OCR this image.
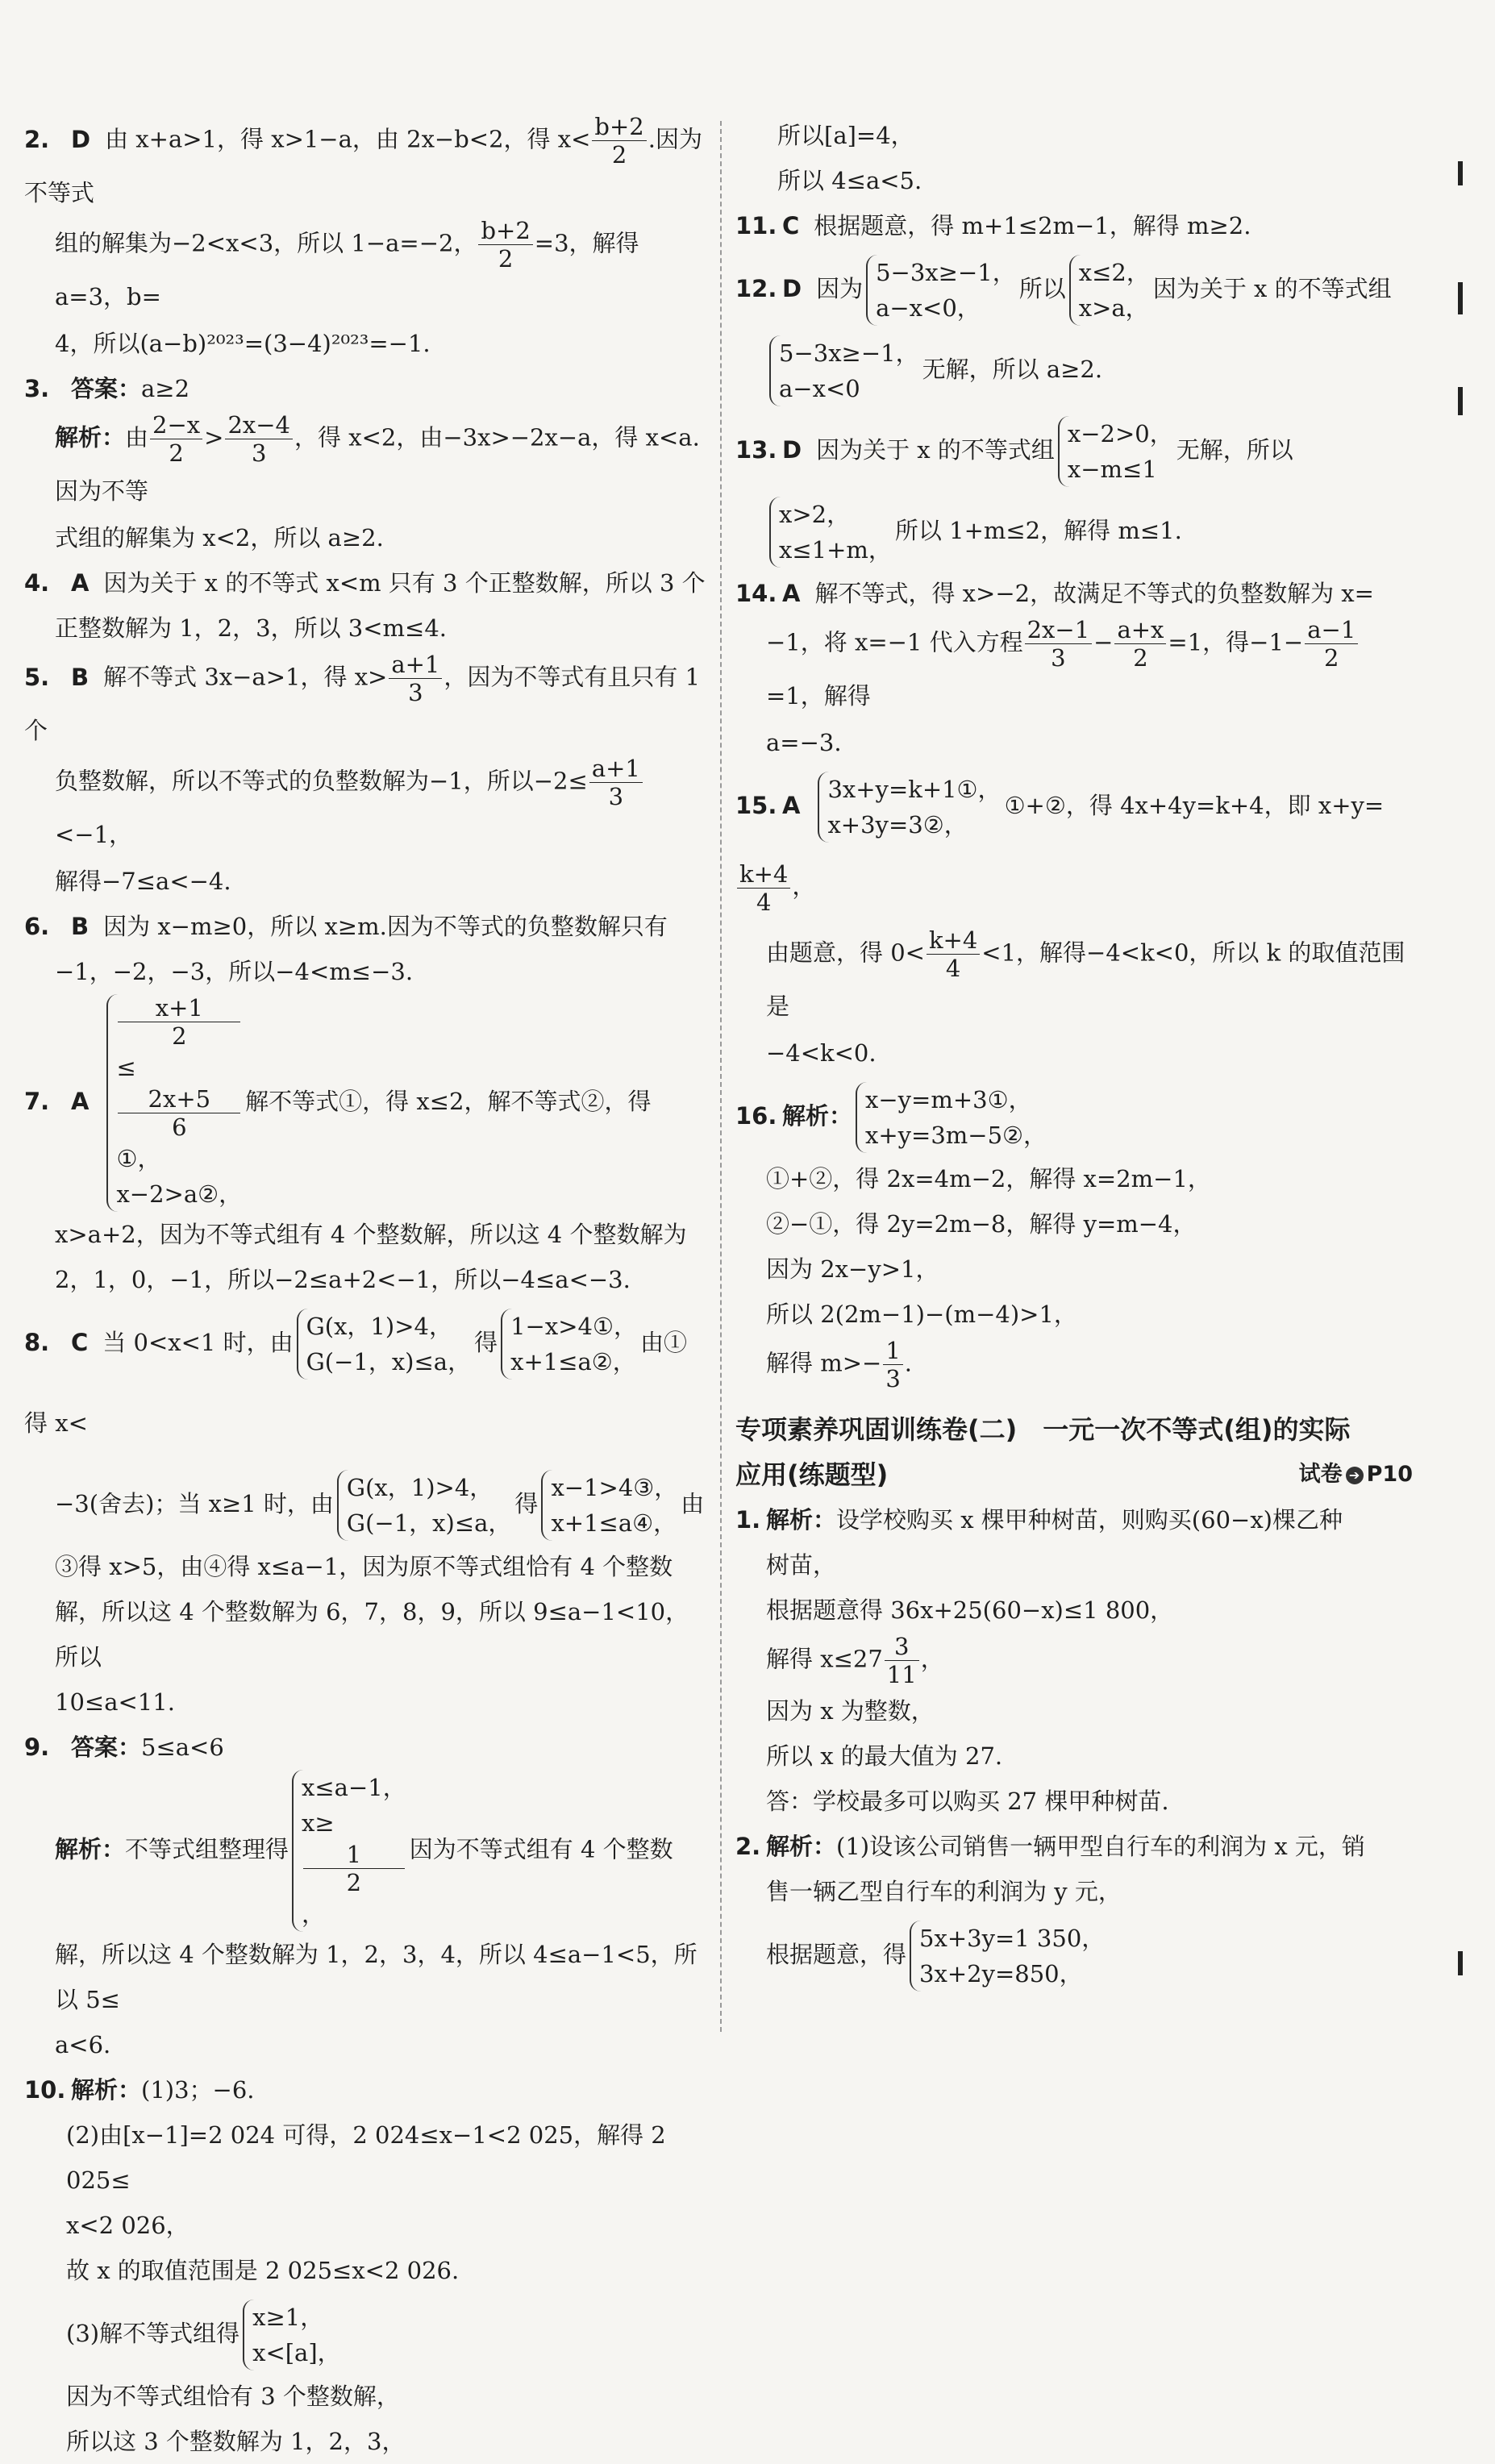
2. D 由 x+a>1，得 x>1−a，由 2x−b<2，得 $x< \frac{b+2}{2}$ .因为不等式
组的解集为−2<x<3，所以 1−a=−2， $\frac{b+2}{2} =3$，解得 a=3，b=
4，所以(a−b)²⁰²³=(3−4)²⁰²³=−1.
3. 答案：a≥2
解析：由 $\frac{2-x}{2} > \frac{2x-4}{3}$ ，得 x<2，由−3x>−2x−a，得 x<a.因为不等
式组的解集为 x<2，所以 a≥2.
4. A 因为关于 x 的不等式 x<m 只有 3 个正整数解，所以 3 个
正整数解为 1，2，3，所以 3<m≤4.
5. B 解不等式 3x−a>1，得 $x> \frac{a+1}{3}$ ，因为不等式有且只有 1 个
负整数解，所以不等式的负整数解为−1，所以$-2\le \frac{a+1}{3}$
<−1，
解得−7≤a<−4.
6. B 因为 x−m≥0，所以 x≥m.因为不等式的负整数解只有
−1，−2，−3，所以−4<m≤−3.
7. A
x+1
2
≤
2x+5
6
①，
x−2>a②，
解不等式①，得 x≤2，解不等式②，得
x>a+2，因为不等式组有 4 个整数解，所以这 4 个整数解为
2，1，0，−1，所以−2≤a+2<−1，所以−4≤a<−3.
8. C 当 0<x<1 时，由
G(x，1)>4，
G(−1，x)≤a，
得
1−x>4①，
x+1≤a②，
由①得 x<
−3(舍去)；当 x≥1 时，由
G(x，1)>4，
G(−1，x)≤a，
得
x−1>4③，
x+1≤a④，
由
③得 x>5，由④得 x≤a−1，因为原不等式组恰有 4 个整数
解，所以这 4 个整数解为 6，7，8，9，所以 9≤a−1<10，所以
10≤a<11.
9. 答案：5≤a<6
解析：不等式组整理得
x≤a−1，
x≥
1
2
，
因为不等式组有 4 个整数
解，所以这 4 个整数解为 1，2，3，4，所以 4≤a−1<5，所以 5≤
a<6.
10. 解析：(1)3；−6.
(2)由[x−1]=2 024 可得，2 024≤x−1<2 025，解得 2 025≤
x<2 026，
故 x 的取值范围是 2 025≤x<2 026.
(3)解不等式组得
x≥1，
x<[a]，
因为不等式组恰有 3 个整数解，
所以这 3 个整数解为 1，2，3，
所以[a]=4，
所以 4≤a<5.
11. C 根据题意，得 m+1≤2m−1，解得 m≥2.
12. D 因为
5−3x≥−1，
a−x<0，
所以
x≤2，
x>a，
因为关于 x 的不等式组
5−3x≥−1，
a−x<0
无解，所以 a≥2.
13. D 因为关于 x 的不等式组
x−2>0，
x−m≤1
无解，所以
x>2，
x≤1+m，
所以 1+m≤2，解得 m≤1.
14. A 解不等式，得 x>−2，故满足不等式的负整数解为 x=
−1，将 x=−1 代入方程 $\frac{2x-1}{3} - \frac{a+x}{2} =1$，得$-1- \frac{a-1}{2}$
=1，解得
a=−3.
15. A
3x+y=k+1①，
x+3y=3②，
①+②，得 4x+4y=k+4，即 x+y=
$\frac{k+4}{4}$ ，
由题意，得 $0< \frac{k+4}{4} <1$，解得−4<k<0，所以 k 的取值范围是
−4<k<0.
16. 解析：
x−y=m+3①，
x+y=3m−5②，
①+②，得 2x=4m−2，解得 x=2m−1，
②−①，得 2y=2m−8，解得 y=m−4，
因为 2x−y>1，
所以 2(2m−1)−(m−4)>1，
解得 $m>- \frac{1}{3}$ .
专项素养巩固训练卷(二)　一元一次不等式(组)的实际
应用(练题型)	试卷 ➔ P10
1. 解析：设学校购买 x 棵甲种树苗，则购买(60−x)棵乙种
树苗，
根据题意得 36x+25(60−x)≤1 800，
解得 $x\le 27 \frac{3}{11}$ ，
因为 x 为整数，
所以 x 的最大值为 27.
答：学校最多可以购买 27 棵甲种树苗.
2. 解析：(1)设该公司销售一辆甲型自行车的利润为 x 元，销
售一辆乙型自行车的利润为 y 元，
根据题意，得
5x+3y=1 350，
3x+2y=850，
